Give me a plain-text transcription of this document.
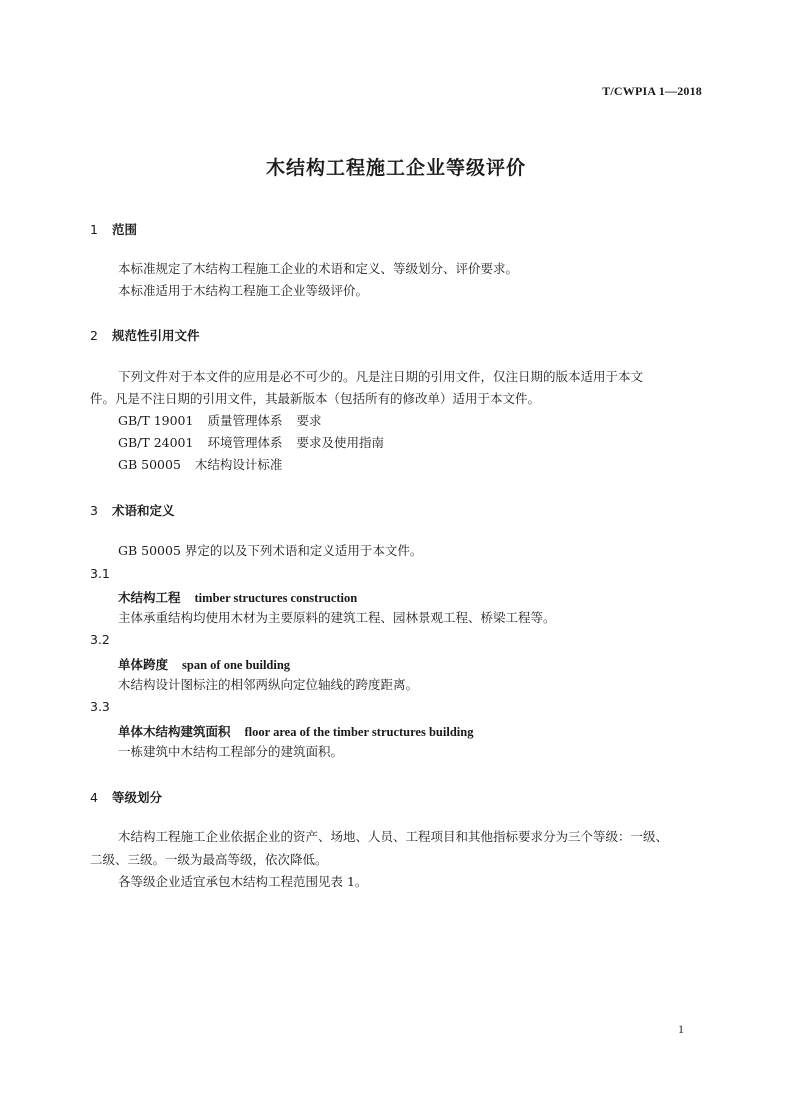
T/CWPIA 1—2018
木结构工程施工企业等级评价
1 范围
本标准规定了木结构工程施工企业的术语和定义、等级划分、评价要求。
本标准适用于木结构工程施工企业等级评价。
2 规范性引用文件
下列文件对于本文件的应用是必不可少的。凡是注日期的引用文件，仅注日期的版本适用于本文
件。凡是不注日期的引用文件，其最新版本（包括所有的修改单）适用于本文件。
GB/T 19001 质量管理体系 要求
GB/T 24001 环境管理体系 要求及使用指南
GB 50005 木结构设计标准
3 术语和定义
GB 50005 界定的以及下列术语和定义适用于本文件。
3.1
木结构工程 timber structures construction
主体承重结构均使用木材为主要原料的建筑工程、园林景观工程、桥梁工程等。
3.2
单体跨度 span of one building
木结构设计图标注的相邻两纵向定位轴线的跨度距离。
3.3
单体木结构建筑面积 floor area of the timber structures building
一栋建筑中木结构工程部分的建筑面积。
4 等级划分
木结构工程施工企业依据企业的资产、场地、人员、工程项目和其他指标要求分为三个等级：一级、
二级、三级。一级为最高等级，依次降低。
各等级企业适宜承包木结构工程范围见表 1。
1
